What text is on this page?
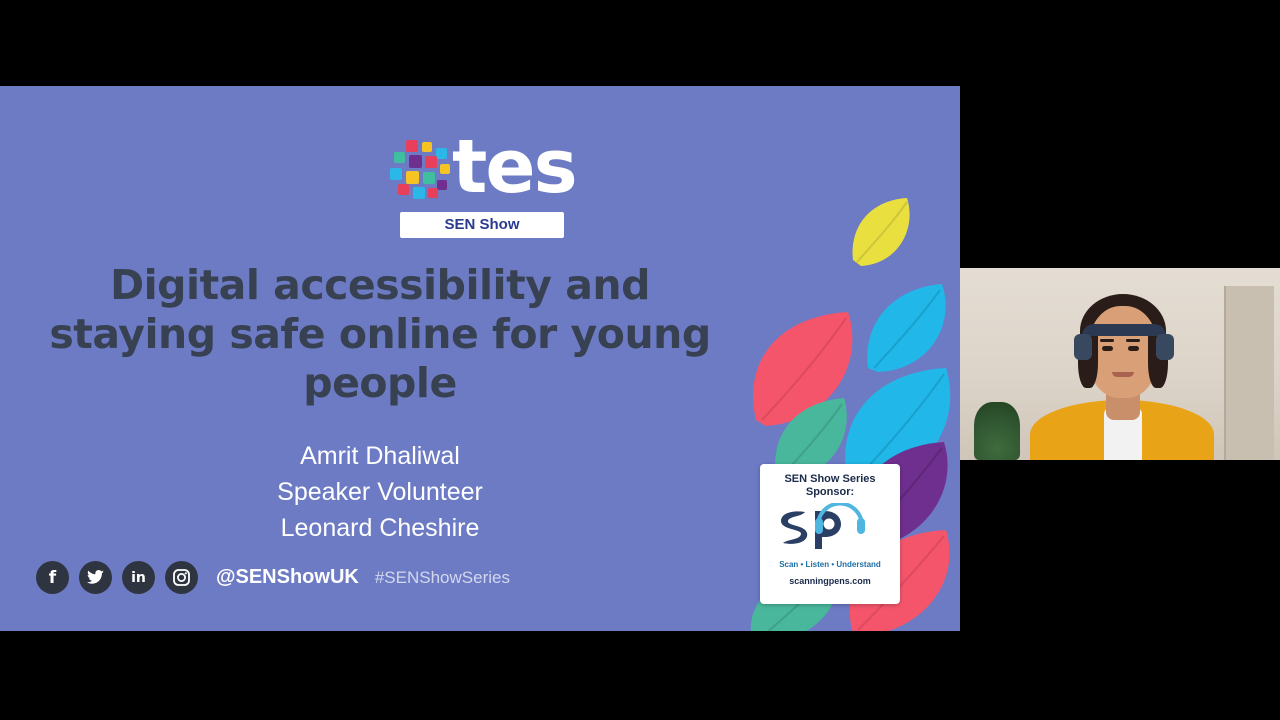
tes
SEN Show
Digital accessibility and staying safe online for young people
Amrit Dhaliwal
Speaker Volunteer
Leonard Cheshire
f	in	@SENShowUK #SENShowSeries
SEN Show Series Sponsor:
Scan • Listen • Understand
scanningpens.com
